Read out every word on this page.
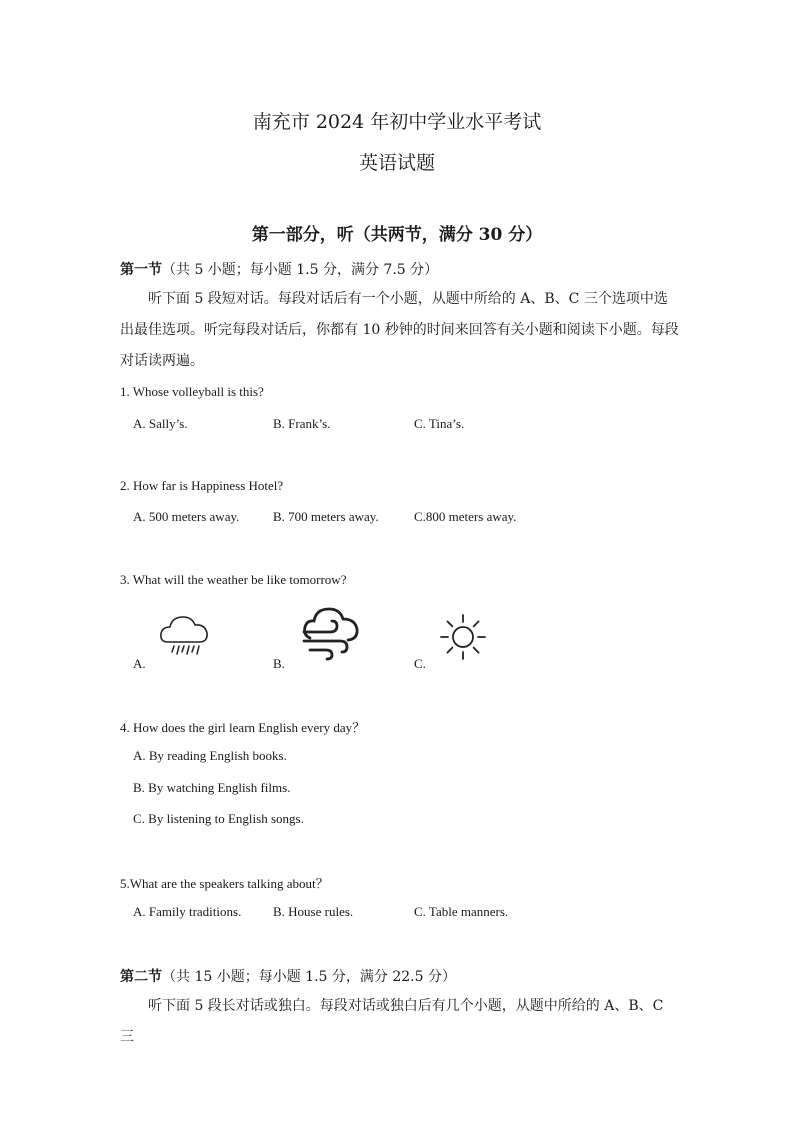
南充市 2024 年初中学业水平考试
英语试题
第一部分，听（共两节，满分 30 分）
第一节（共 5 小题；每小题 1.5 分，满分 7.5 分）
听下面 5 段短对话。每段对话后有一个小题，从题中所给的 A、B、C 三个选项中选出最佳选项。听完每段对话后，你都有 10 秒钟的时间来回答有关小题和阅读下小题。每段对话读两遍。
1. Whose volleyball is this?
A. Sally’s.	B. Frank’s.	C. Tina’s.
2. How far is Happiness Hotel?
A. 500 meters away.	B. 700 meters away.	C.800 meters away.
3. What will the weather be like tomorrow?
A.	B.	C.
4. How does the girl learn English every day？
A. By reading English books.
B. By watching English films.
C. By listening to English songs.
5.What are the speakers talking about？
A. Family traditions. B. House rules.	C. Table manners.
第二节（共 15 小题；每小题 1.5 分，满分 22.5 分）
听下面 5 段长对话或独白。每段对话或独白后有几个小题，从题中所给的 A、B、C 三
